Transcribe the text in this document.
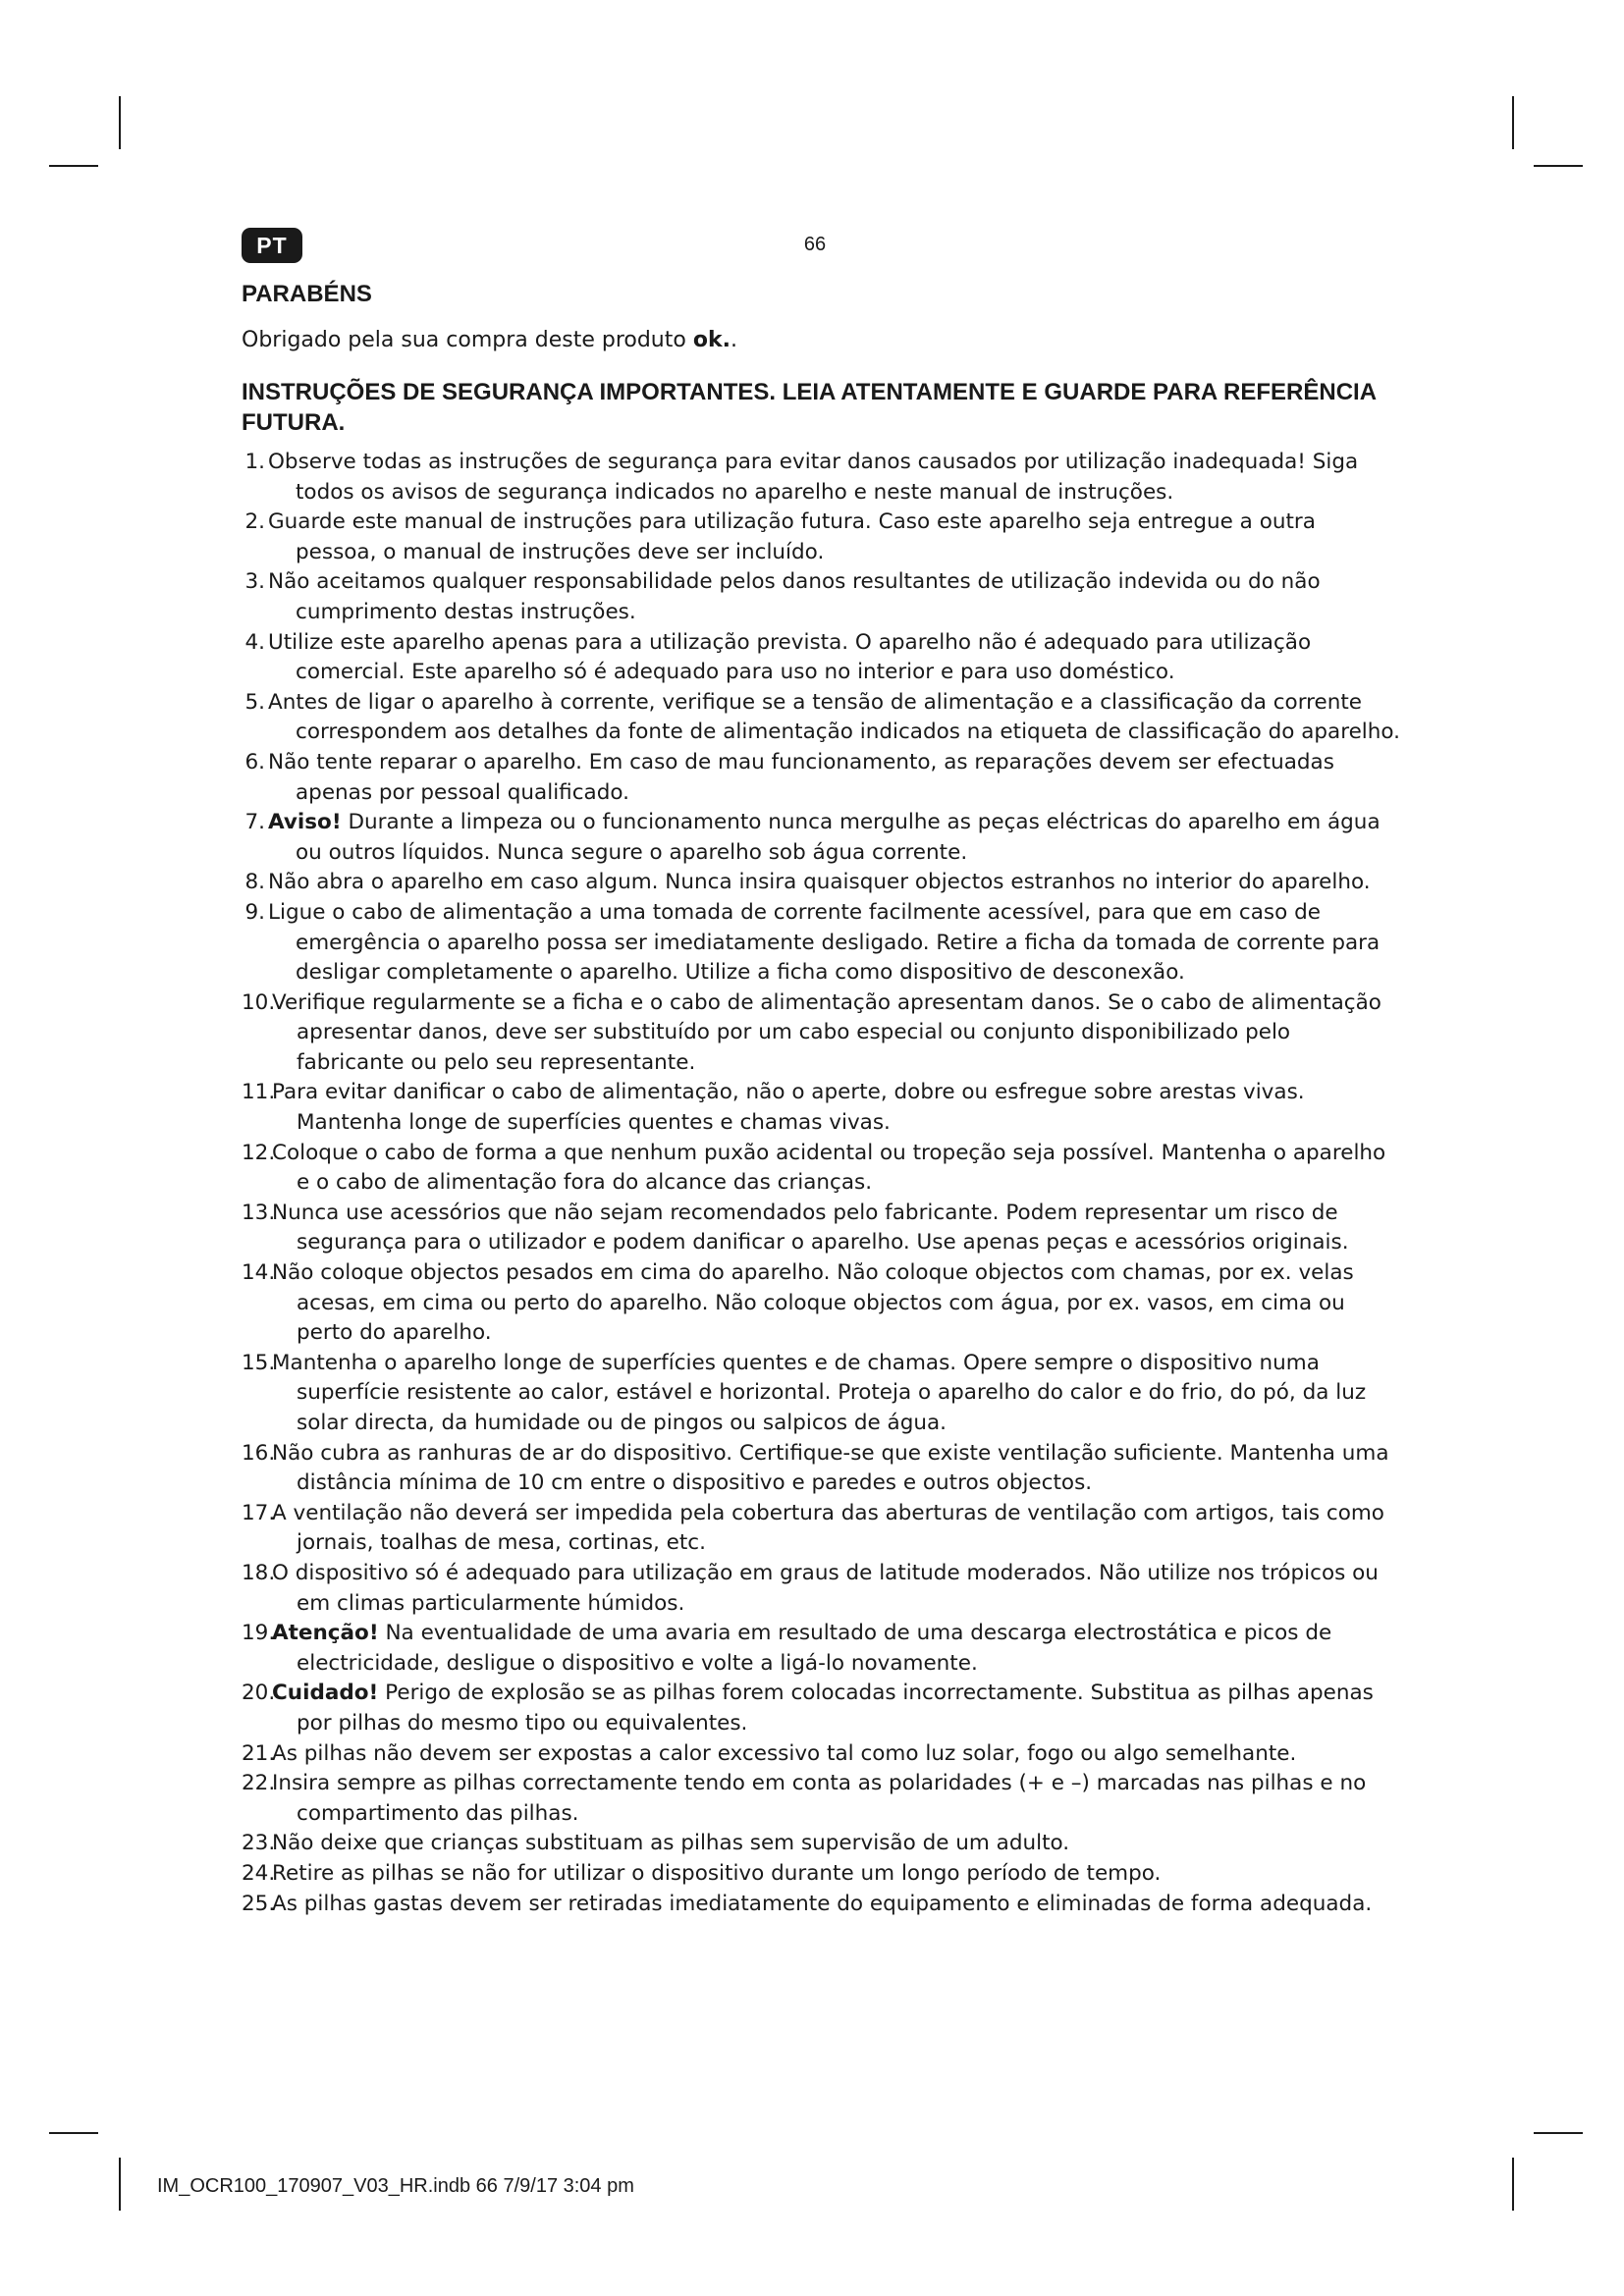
PT	66
PARABÉNS

Obrigado pela sua compra deste produto ok..

INSTRUÇÕES DE SEGURANÇA IMPORTANTES. LEIA ATENTAMENTE E GUARDE PARA REFERÊNCIA FUTURA.
1. Observe todas as instruções de segurança para evitar danos causados por utilização inadequada! Siga todos os avisos de segurança indicados no aparelho e neste manual de instruções.
2. Guarde este manual de instruções para utilização futura. Caso este aparelho seja entregue a outra pessoa, o manual de instruções deve ser incluído.
3. Não aceitamos qualquer responsabilidade pelos danos resultantes de utilização indevida ou do não cumprimento destas instruções.
4. Utilize este aparelho apenas para a utilização prevista. O aparelho não é adequado para utilização comercial. Este aparelho só é adequado para uso no interior e para uso doméstico.
5. Antes de ligar o aparelho à corrente, verifique se a tensão de alimentação e a classificação da corrente correspondem aos detalhes da fonte de alimentação indicados na etiqueta de classificação do aparelho.
6. Não tente reparar o aparelho. Em caso de mau funcionamento, as reparações devem ser efectuadas apenas por pessoal qualificado.
7. Aviso! Durante a limpeza ou o funcionamento nunca mergulhe as peças eléctricas do aparelho em água ou outros líquidos. Nunca segure o aparelho sob água corrente.
8. Não abra o aparelho em caso algum. Nunca insira quaisquer objectos estranhos no interior do aparelho.
9. Ligue o cabo de alimentação a uma tomada de corrente facilmente acessível, para que em caso de emergência o aparelho possa ser imediatamente desligado. Retire a ficha da tomada de corrente para desligar completamente o aparelho. Utilize a ficha como dispositivo de desconexão.
10.
Verifique regularmente se a ficha e o cabo de alimentação apresentam danos. Se o cabo de alimentação apresentar danos, deve ser substituído por um cabo especial ou conjunto disponibilizado pelo fabricante ou pelo seu representante.
11.
Para evitar danificar o cabo de alimentação, não o aperte, dobre ou esfregue sobre arestas vivas. Mantenha longe de superfícies quentes e chamas vivas.
12.
Coloque o cabo de forma a que nenhum puxão acidental ou tropeção seja possível. Mantenha o aparelho e o cabo de alimentação fora do alcance das crianças.
13.
Nunca use acessórios que não sejam recomendados pelo fabricante. Podem representar um risco de segurança para o utilizador e podem danificar o aparelho. Use apenas peças e acessórios originais.
14.
Não coloque objectos pesados em cima do aparelho. Não coloque objectos com chamas, por ex. velas acesas, em cima ou perto do aparelho. Não coloque objectos com água, por ex. vasos, em cima ou perto do aparelho.
15.
Mantenha o aparelho longe de superfícies quentes e de chamas. Opere sempre o dispositivo numa superfície resistente ao calor, estável e horizontal. Proteja o aparelho do calor e do frio, do pó, da luz solar directa, da humidade ou de pingos ou salpicos de água.
16.
Não cubra as ranhuras de ar do dispositivo. Certifique-se que existe ventilação suficiente. Mantenha uma distância mínima de 10 cm entre o dispositivo e paredes e outros objectos.
17.
A ventilação não deverá ser impedida pela cobertura das aberturas de ventilação com artigos, tais como jornais, toalhas de mesa, cortinas, etc.
18.
O dispositivo só é adequado para utilização em graus de latitude moderados. Não utilize nos trópicos ou em climas particularmente húmidos.
19.
Atenção! Na eventualidade de uma avaria em resultado de uma descarga electrostática e picos de electricidade, desligue o dispositivo e volte a ligá-lo novamente.
20.
Cuidado! Perigo de explosão se as pilhas forem colocadas incorrectamente. Substitua as pilhas apenas por pilhas do mesmo tipo ou equivalentes.
21.
As pilhas não devem ser expostas a calor excessivo tal como luz solar, fogo ou algo semelhante.
22.
Insira sempre as pilhas correctamente tendo em conta as polaridades (+ e –) marcadas nas pilhas e no compartimento das pilhas.
23.
Não deixe que crianças substituam as pilhas sem supervisão de um adulto.
24.
Retire as pilhas se não for utilizar o dispositivo durante um longo período de tempo.
25.
As pilhas gastas devem ser retiradas imediatamente do equipamento e eliminadas de forma adequada.
IM_OCR100_170907_V03_HR.indb 66 7/9/17 3:04 pm
